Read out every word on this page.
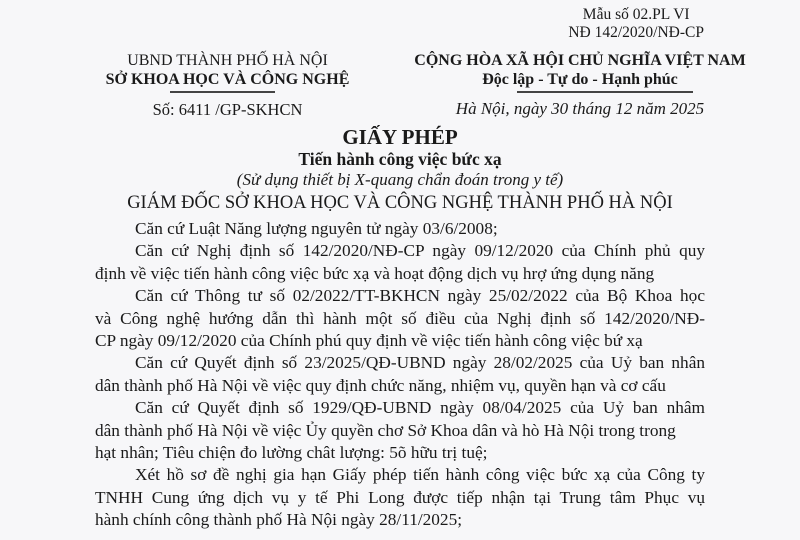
Mẫu số 02.PL VI
NĐ 142/2020/NĐ-CP
UBND THÀNH PHỐ HÀ NỘI
SỞ KHOA HỌC VÀ CÔNG NGHỆ
Số: 6411 /GP-SKHCN
CỘNG HÒA XÃ HỘI CHỦ NGHĨA VIỆT NAM
Độc lập - Tự do - Hạnh phúc
Hà Nội, ngày 30 tháng 12 năm 2025
GIẤY PHÉP
Tiến hành công việc bức xạ
(Sử dụng thiết bị X-quang chẩn đoán trong y tế)
GIÁM ĐỐC SỞ KHOA HỌC VÀ CÔNG NGHỆ THÀNH PHỐ HÀ NỘI

Căn cứ Luật Năng lượng nguyên tử ngày 03/6/2008;

Căn cứ Nghị định số 142/2020/NĐ-CP ngày 09/12/2020 của Chính phủ quy
định về việc tiến hành công việc bức xạ và hoạt động dịch vụ hrợ ứng dụng năng

Căn cứ Thông tư số 02/2022/TT-BKHCN ngày 25/02/2022 của Bộ Khoa học
và Công nghệ hướng dẫn thì hành một số điều của Nghị định số 142/2020/NĐ-
CP ngày 09/12/2020 của Chính phú quy định về việc tiến hành công việc bứ xạ

Căn cứ Quyết định số 23/2025/QĐ-UBND ngày 28/02/2025 của Uỷ ban nhân
dân thành phố Hà Nội về việc quy định chức năng, nhiệm vụ, quyền hạn và cơ cấu

Căn cứ Quyết định số 1929/QĐ-UBND ngày 08/04/2025 của Uỷ ban nhâm
dân thành phố Hà Nội về việc Ủy quyền chơ Sở Khoa dân và hò Hà Nội trong trong
hạt nhân; Tiêu chiện đo lường chât lượng: 5õ hữu trị tuệ;

Xét hồ sơ đề nghị gia hạn Giấy phép tiến hành công việc bức xạ của Công ty
TNHH Cung ứng dịch vụ y tế Phi Long được tiếp nhận tại Trung tâm Phục vụ
hành chính công thành phố Hà Nội ngày 28/11/2025;
